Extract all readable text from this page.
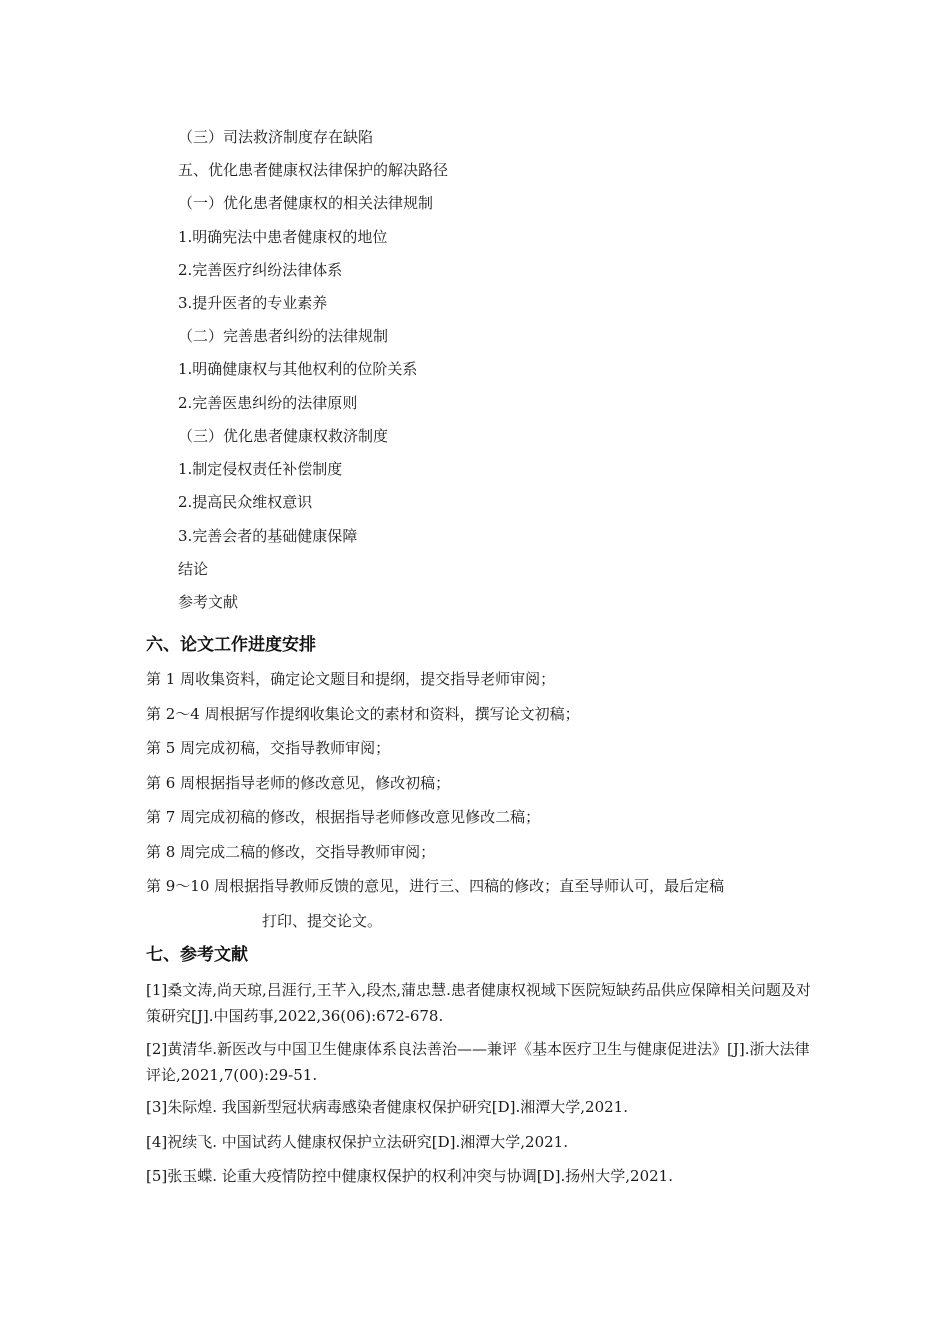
（三）司法救济制度存在缺陷
五、优化患者健康权法律保护的解决路径
（一）优化患者健康权的相关法律规制
1.明确宪法中患者健康权的地位
2.完善医疗纠纷法律体系
3.提升医者的专业素养
（二）完善患者纠纷的法律规制
1.明确健康权与其他权利的位阶关系
2.完善医患纠纷的法律原则
（三）优化患者健康权救济制度
1.制定侵权责任补偿制度
2.提高民众维权意识
3.完善会者的基础健康保障
结论
参考文献
六、论文工作进度安排
第 1 周收集资料，确定论文题目和提纲，提交指导老师审阅；
第 2～4 周根据写作提纲收集论文的素材和资料，撰写论文初稿；
第 5 周完成初稿，交指导教师审阅；
第 6 周根据指导老师的修改意见，修改初稿；
第 7 周完成初稿的修改，根据指导老师修改意见修改二稿；
第 8 周完成二稿的修改，交指导教师审阅；
第 9～10 周根据指导教师反馈的意见，进行三、四稿的修改；直至导师认可，最后定稿
打印、提交论文。
七、参考文献
[1]桑文涛,尚天琼,吕涯行,王芊入,段杰,蒲忠慧.患者健康权视域下医院短缺药品供应保障相关问题及对策研究[J].中国药事,2022,36(06):672-678.
[2]黄清华.新医改与中国卫生健康体系良法善治——兼评《基本医疗卫生与健康促进法》[J].浙大法律评论,2021,7(00):29-51.
[3]朱际煌. 我国新型冠状病毒感染者健康权保护研究[D].湘潭大学,2021.
[4]祝续飞. 中国试药人健康权保护立法研究[D].湘潭大学,2021.
[5]张玉蝶. 论重大疫情防控中健康权保护的权利冲突与协调[D].扬州大学,2021.
